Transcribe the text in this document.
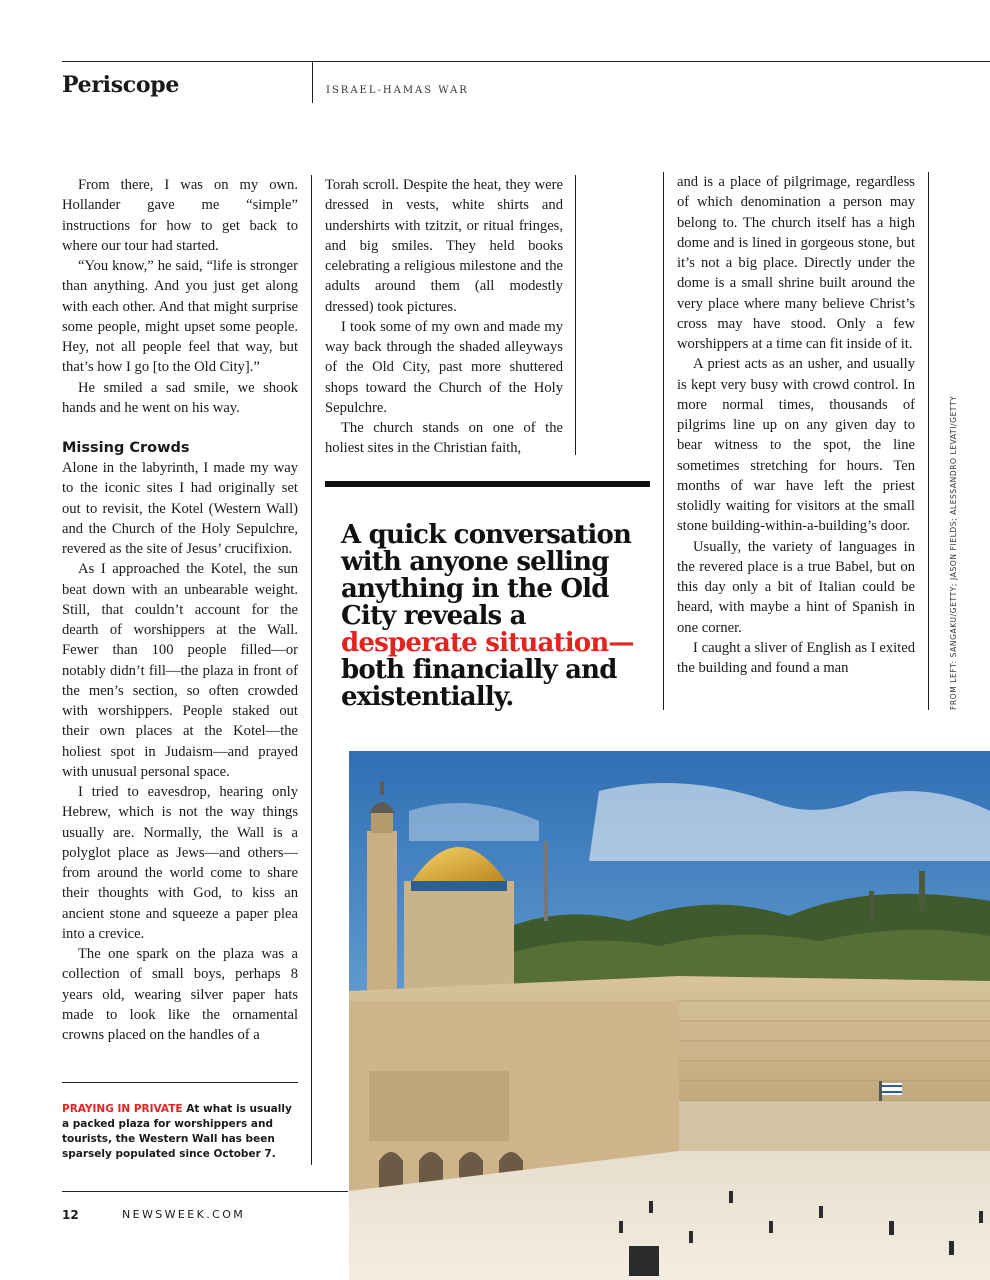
Periscope	ISRAEL-HAMAS WAR

From there, I was on my own. Hollander gave me “simple” instructions for how to get back to where our tour had started.

“You know,” he said, “life is stronger than anything. And you just get along with each other. And that might surprise some people, might upset some people. Hey, not all people feel that way, but that’s how I go [to the Old City].”

He smiled a sad smile, we shook hands and he went on his way.

Missing Crowds

Alone in the labyrinth, I made my way to the iconic sites I had originally set out to revisit, the Kotel (Western Wall) and the Church of the Holy Sepulchre, revered as the site of Jesus’ crucifixion.

As I approached the Kotel, the sun beat down with an unbearable weight. Still, that couldn’t account for the dearth of worshippers at the Wall. Fewer than 100 people filled—or notably didn’t fill—the plaza in front of the men’s section, so often crowded with worshippers. People staked out their own places at the Kotel—the holiest spot in Judaism—and prayed with unusual personal space.

I tried to eavesdrop, hearing only Hebrew, which is not the way things usually are. Normally, the Wall is a polyglot place as Jews—and others—from around the world come to share their thoughts with God, to kiss an ancient stone and squeeze a paper plea into a crevice.

The one spark on the plaza was a collection of small boys, perhaps 8 years old, wearing silver paper hats made to look like the ornamental crowns placed on the handles of a

Torah scroll. Despite the heat, they were dressed in vests, white shirts and undershirts with tzitzit, or ritual fringes, and big smiles. They held books celebrating a religious milestone and the adults around them (all modestly dressed) took pictures.

I took some of my own and made my way back through the shaded alleyways of the Old City, past more shuttered shops toward the Church of the Holy Sepulchre.

The church stands on one of the holiest sites in the Christian faith,

A quick conversation with anyone selling anything in the Old City reveals a desperate situation— both financially and existentially.

and is a place of pilgrimage, regardless of which denomination a person may belong to. The church itself has a high dome and is lined in gorgeous stone, but it’s not a big place. Directly under the dome is a small shrine built around the very place where many believe Christ’s cross may have stood. Only a few worshippers at a time can fit inside of it.

A priest acts as an usher, and usually is kept very busy with crowd control. In more normal times, thousands of pilgrims line up on any given day to bear witness to the spot, the line sometimes stretching for hours. Ten months of war have left the priest stolidly waiting for visitors at the small stone building-within-a-building’s door.

Usually, the variety of languages in the revered place is a true Babel, but on this day only a bit of Italian could be heard, with maybe a hint of Spanish in one corner.

I caught a sliver of English as I exited the building and found a man	FROM LEFT: SANGAKU/GETTY; JASON FIELDS; ALESSANDRO LEVATI/GETTY
PRAYING IN PRIVATE At what is usually a packed plaza for worshippers and tourists, the Western Wall has been sparsely populated since October 7.
12	NEWSWEEK.COM
